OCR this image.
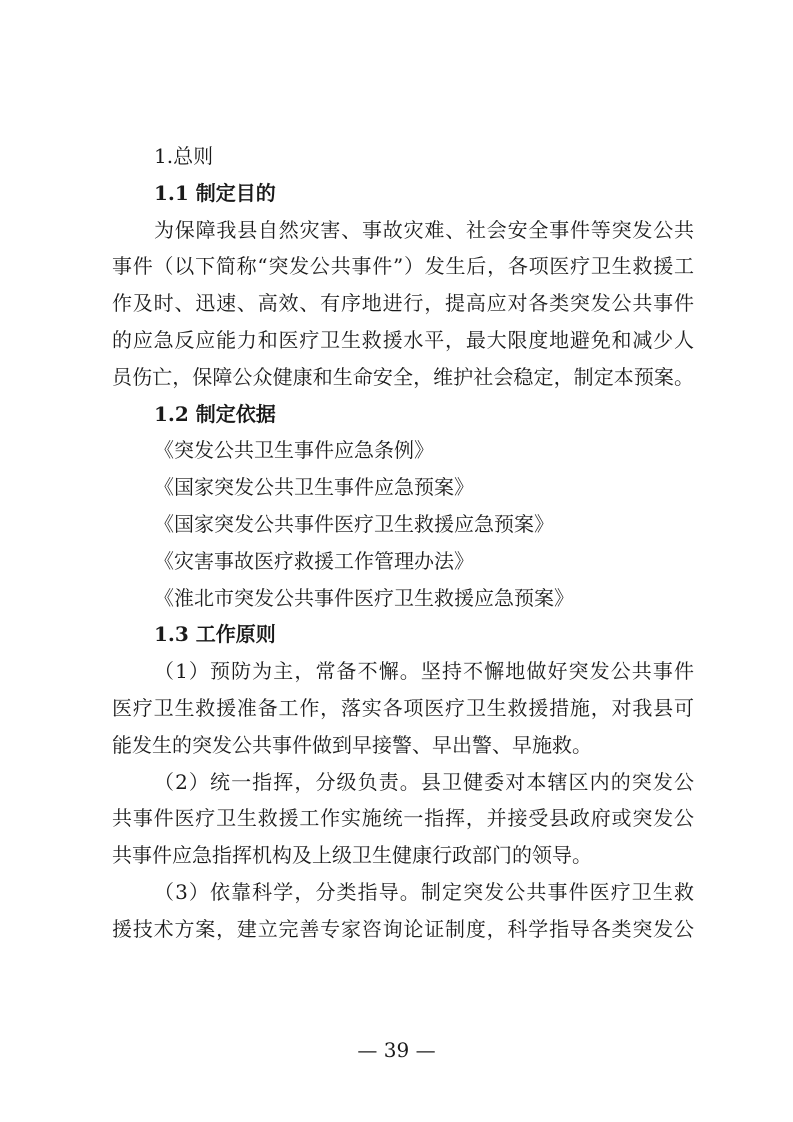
1.总则
1.1 制定目的
为保障我县自然灾害、事故灾难、社会安全事件等突发公共
事件（以下简称“突发公共事件”）发生后，各项医疗卫生救援工
作及时、迅速、高效、有序地进行，提高应对各类突发公共事件
的应急反应能力和医疗卫生救援水平，最大限度地避免和减少人
员伤亡，保障公众健康和生命安全，维护社会稳定，制定本预案。
1.2 制定依据
《突发公共卫生事件应急条例》
《国家突发公共卫生事件应急预案》
《国家突发公共事件医疗卫生救援应急预案》
《灾害事故医疗救援工作管理办法》
《淮北市突发公共事件医疗卫生救援应急预案》
1.3 工作原则
（1）预防为主，常备不懈。坚持不懈地做好突发公共事件
医疗卫生救援准备工作，落实各项医疗卫生救援措施，对我县可
能发生的突发公共事件做到早接警、早出警、早施救。
（2）统一指挥，分级负责。县卫健委对本辖区内的突发公
共事件医疗卫生救援工作实施统一指挥，并接受县政府或突发公
共事件应急指挥机构及上级卫生健康行政部门的领导。
（3）依靠科学，分类指导。制定突发公共事件医疗卫生救
援技术方案，建立完善专家咨询论证制度，科学指导各类突发公
— 39 —
